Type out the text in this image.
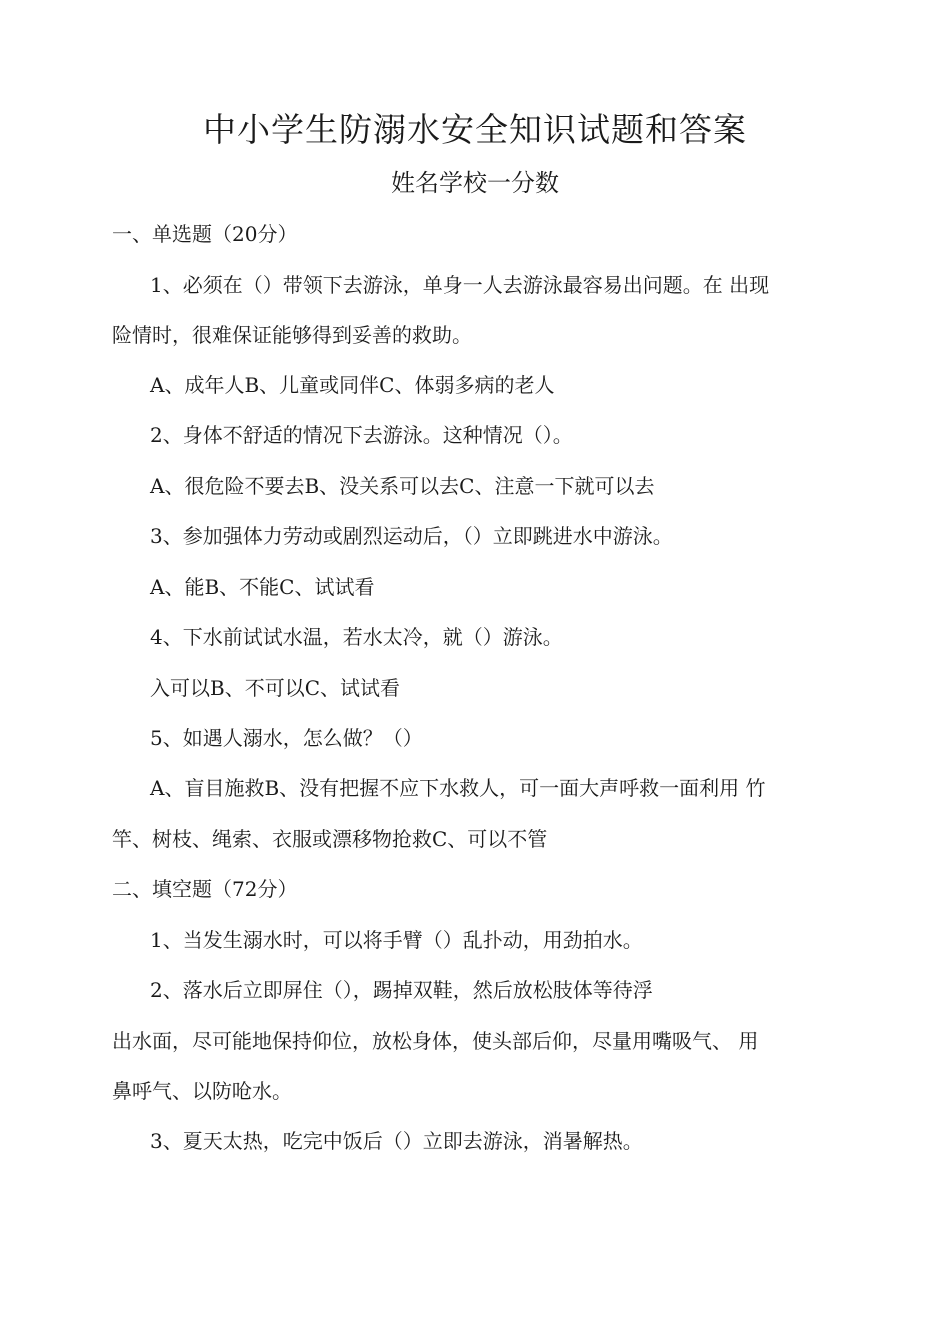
中小学生防溺水安全知识试题和答案
姓名学校一分数

一、单选题（20分）

1、必须在（）带领下去游泳，单身一人去游泳最容易出问题。在 出现

险情时，很难保证能够得到妥善的救助。

A、成年人B、儿童或同伴C、体弱多病的老人

2、身体不舒适的情况下去游泳。这种情况（）。

A、很危险不要去B、没关系可以去C、注意一下就可以去

3、参加强体力劳动或剧烈运动后，（）立即跳进水中游泳。

A、能B、不能C、试试看

4、下水前试试水温，若水太冷，就（）游泳。

入可以B、不可以C、试试看

5、如遇人溺水，怎么做？（）

A、盲目施救B、没有把握不应下水救人，可一面大声呼救一面利用 竹

竿、树枝、绳索、衣服或漂移物抢救C、可以不管

二、填空题（72分）

1、当发生溺水时，可以将手臂（）乱扑动，用劲拍水。

2、落水后立即屏住（），踢掉双鞋，然后放松肢体等待浮

出水面，尽可能地保持仰位，放松身体，使头部后仰，尽量用嘴吸气、 用

鼻呼气、以防呛水。

3、夏天太热，吃完中饭后（）立即去游泳，消暑解热。
